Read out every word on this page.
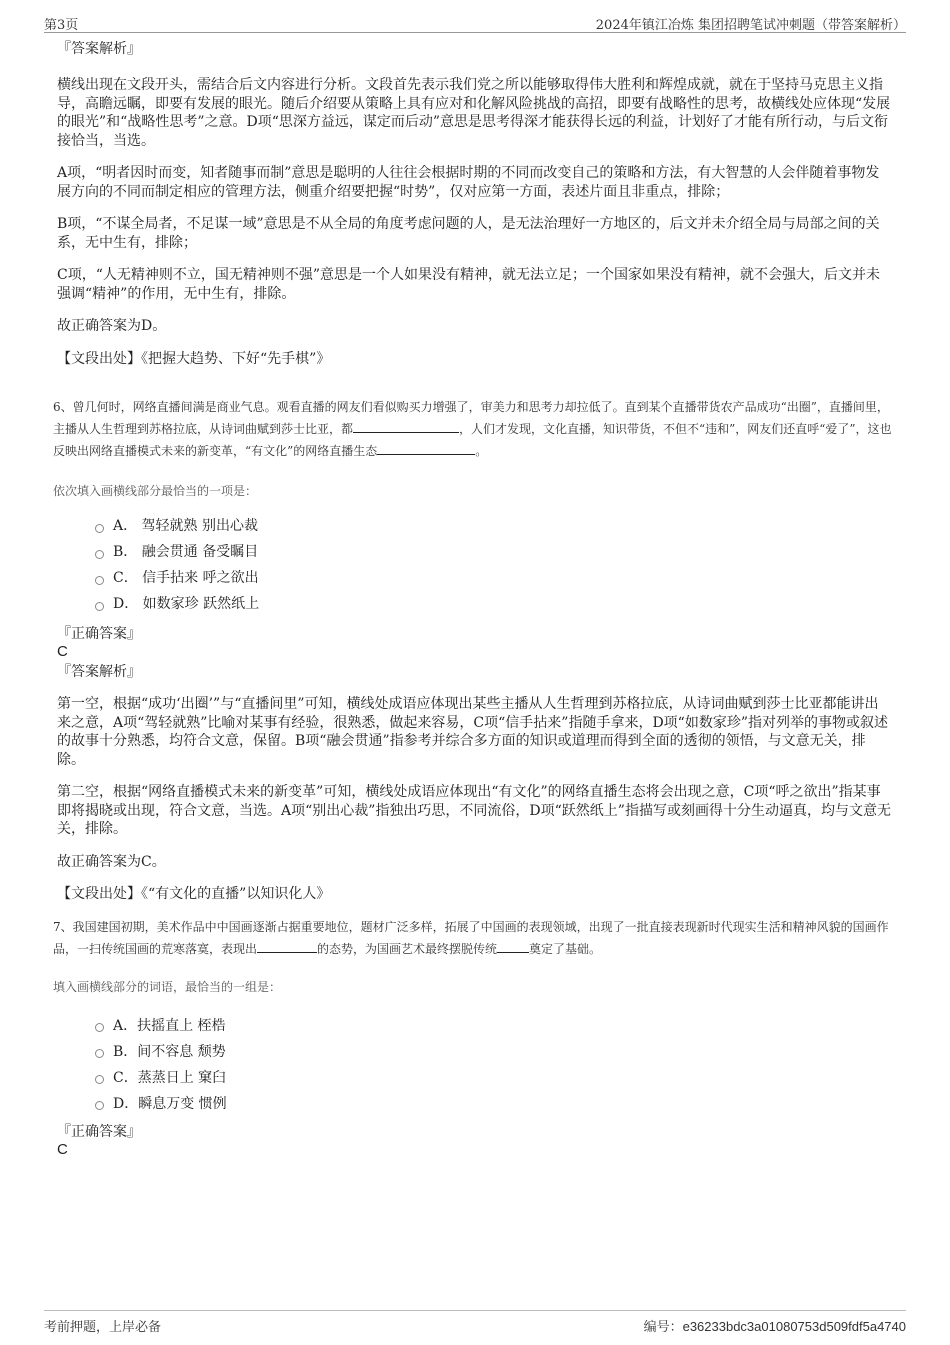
第3页	2024年镇江冶炼 集团招聘笔试冲刺题（带答案解析）
『答案解析』

横线出现在文段开头，需结合后文内容进行分析。文段首先表示我们党之所以能够取得伟大胜利和辉煌成就，就在于坚持马克思主义指导，高瞻远瞩，即要有发展的眼光。随后介绍要从策略上具有应对和化解风险挑战的高招，即要有战略性的思考，故横线处应体现“发展的眼光”和“战略性思考”之意。D项“思深方益远，谋定而后动”意思是思考得深才能获得长远的利益，计划好了才能有所行动，与后文衔接恰当，当选。

A项，“明者因时而变，知者随事而制”意思是聪明的人往往会根据时期的不同而改变自己的策略和方法，有大智慧的人会伴随着事物发展方向的不同而制定相应的管理方法，侧重介绍要把握“时势”，仅对应第一方面，表述片面且非重点，排除；

B项，“不谋全局者，不足谋一域”意思是不从全局的角度考虑问题的人，是无法治理好一方地区的，后文并未介绍全局与局部之间的关系，无中生有，排除；

C项，“人无精神则不立，国无精神则不强”意思是一个人如果没有精神，就无法立足；一个国家如果没有精神，就不会强大，后文并未强调“精神”的作用，无中生有，排除。

故正确答案为D。

【文段出处】《把握大趋势、下好“先手棋”》

6、曾几何时，网络直播间满是商业气息。观看直播的网友们看似购买力增强了，审美力和思考力却拉低了。直到某个直播带货农产品成功“出圈”，直播间里，主播从人生哲理到苏格拉底，从诗词曲赋到莎士比亚，都	，人们才发现，文化直播，知识带货，不但不“违和”，网友们还直呼“爱了”，这也反映出网络直播模式未来的新变革，“有文化”的网络直播生态	。
依次填入画横线部分最恰当的一项是：
A． 驾轻就熟 别出心裁
B． 融会贯通 备受瞩目
C． 信手拈来 呼之欲出
D． 如数家珍 跃然纸上
『正确答案』
C
『答案解析』

第一空，根据“成功‘出圈’”与“直播间里”可知，横线处成语应体现出某些主播从人生哲理到苏格拉底，从诗词曲赋到莎士比亚都能讲出来之意，A项“驾轻就熟”比喻对某事有经验，很熟悉，做起来容易，C项“信手拈来”指随手拿来，D项“如数家珍”指对列举的事物或叙述的故事十分熟悉，均符合文意，保留。B项“融会贯通”指参考并综合多方面的知识或道理而得到全面的透彻的领悟，与文意无关，排除。

第二空，根据“网络直播模式未来的新变革”可知，横线处成语应体现出“有文化”的网络直播生态将会出现之意，C项“呼之欲出”指某事即将揭晓或出现，符合文意，当选。A项“别出心裁”指独出巧思，不同流俗，D项“跃然纸上”指描写或刻画得十分生动逼真，均与文意无关，排除。

故正确答案为C。

【文段出处】《“有文化的直播”以知识化人》

7、我国建国初期，美术作品中中国画逐渐占据重要地位，题材广泛多样，拓展了中国画的表现领域，出现了一批直接表现新时代现实生活和精神风貌的国画作品，一扫传统国画的荒寒落寞，表现出	的态势，为国画艺术最终摆脱传统	奠定了基础。
填入画横线部分的词语，最恰当的一组是：
A．扶摇直上 桎梏
B．间不容息 颓势
C．蒸蒸日上 窠臼
D．瞬息万变 惯例
『正确答案』
C
考前押题，上岸必备	编号：e36233bdc3a01080753d509fdf5a4740
